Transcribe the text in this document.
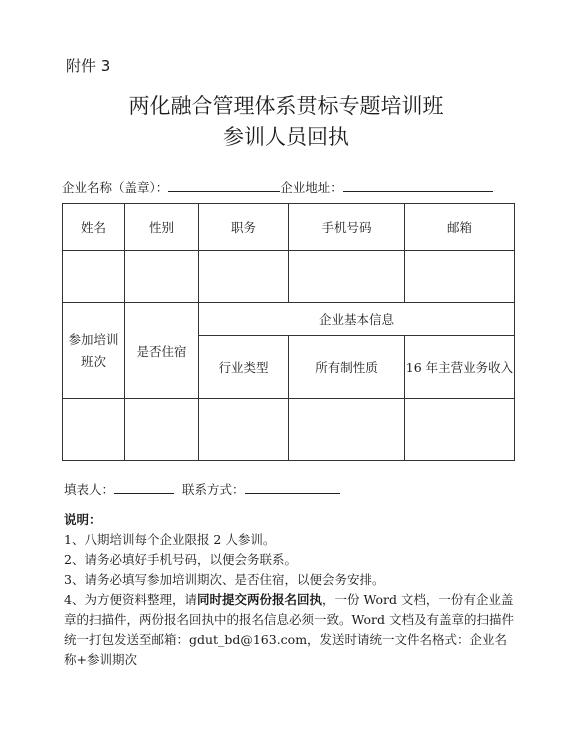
附件 3
两化融合管理体系贯标专题培训班
参训人员回执
企业名称（盖章）：	企业地址：
姓名	性别	职务	手机号码	邮箱

参加培训班次	是否住宿	企业基本信息		
		行业类型	所有制性质	16 年主营业务收入

填表人：	联系方式：

说明：

1、八期培训每个企业限报 2 人参训。

2、请务必填好手机号码，以便会务联系。

3、请务必填写参加培训期次、是否住宿，以便会务安排。

4、为方便资料整理，请同时提交两份报名回执，一份 Word 文档，一份有企业盖章的扫描件，两份报名回执中的报名信息必须一致。Word 文档及有盖章的扫描件统一打包发送至邮箱：gdut_bd@163.com，发送时请统一文件名格式：企业名称+参训期次
